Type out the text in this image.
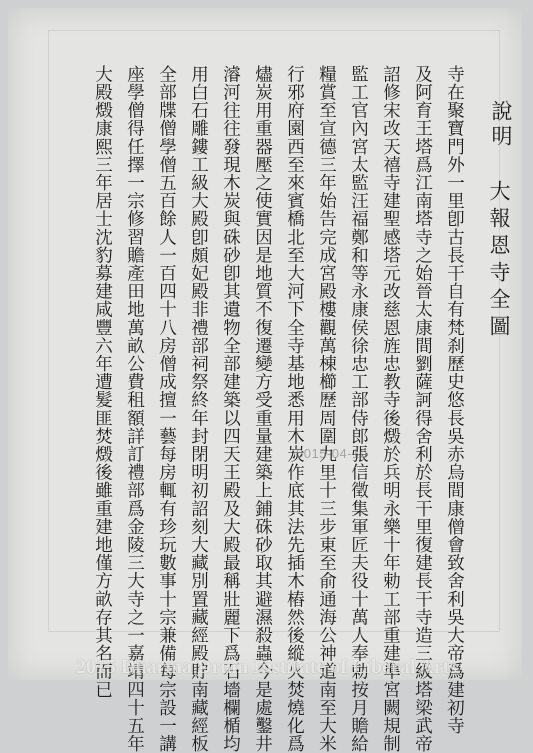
說明
大報恩寺全圖
寺在聚寶門外一里卽古長干自有梵刹歷史悠長吳赤烏間康僧會致舍利吳大帝爲建初寺
及阿育王塔爲江南塔寺之始晉太康間劉薩訶得舍利於長干里復建長干寺造三級塔梁武帝
詔修宋改天禧寺建聖感塔元改慈恩旌忠教寺後燬於兵明永樂十年勅工部重建準宮闕規制
監工官內宮太監汪福鄭和等永康侯徐忠工部侍郎張信徵集軍匠夫役十萬人奉勅按月贍給
糧賞至宣德三年始告完成宮殿樓觀萬棟櫛歷周圍九里十三步東至俞通海公神道南至大米
行邪府園西至來賓橋北至大河下全寺基地悉用木炭作底其法先插木樁然後縱火焚燒化爲
燼炭用重器壓之使實因是地質不復遷變方受重量建築上鋪硃砂取其避濕殺蟲今是處鑿井
濬河往往發現木炭與硃砂卽其遺物全部建築以四天王殿及大殿最稱壯麗下爲石墻欄楯均
用白石雕鏤工級大殿卽頗妃殿非禮部祠祭終年封閉明初詔刻大藏別置藏經殿貯南藏經板
全部牒僧學僧五百餘人一百四十八房僧成擅一藝每房輒有珍玩數事十宗兼備每宗設一講
座學僧得任擇一宗修習贍產田地萬畝公費租額詳訂禮部爲金陵三大寺之一嘉靖四十五年
大殿燬康熙三年居士沈豹募建咸豐六年遭髮匪焚燬後雖重建地僅方畝存其名而已	0015-04-10
2015 Dharma Drum Institute of Liberal Arts
